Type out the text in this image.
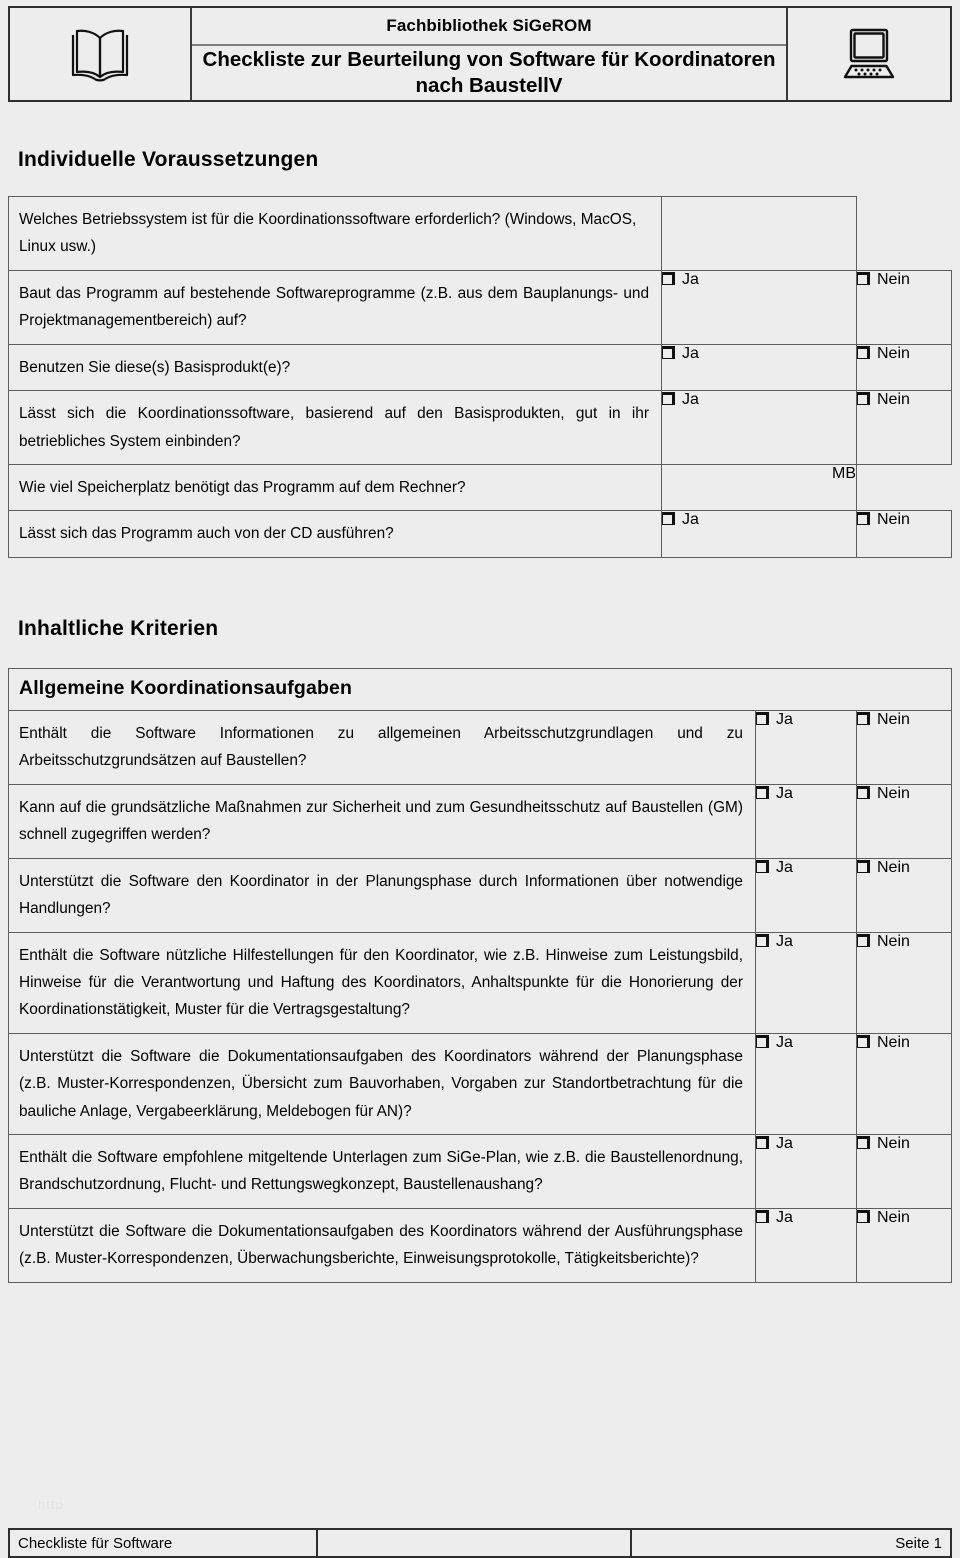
Fachbibliothek SiGeROM
Checkliste zur Beurteilung von Software für Koordinatoren nach BaustellV
Individuelle Voraussetzungen
Welches Betriebssystem ist für die Koordinationssoftware erforderlich? (Windows, MacOS, Linux usw.)		
Baut das Programm auf bestehende Softwareprogramme (z.B. aus dem Bauplanungs- und Projektmanagementbereich) auf?	Ja	Nein
Benutzen Sie diese(s) Basisprodukt(e)?	Ja	Nein
Lässt sich die Koordinationssoftware, basierend auf den Basisprodukten, gut in ihr betriebliches System einbinden?	Ja	Nein
Wie viel Speicherplatz benötigt das Programm auf dem Rechner?	MB	
Lässt sich das Programm auch von der CD ausführen?	Ja	Nein
Inhaltliche Kriterien
Allgemeine Koordinationsaufgaben		
Enthält die Software Informationen zu allgemeinen Arbeitsschutzgrundlagen und zu Arbeitsschutzgrundsätzen auf Baustellen?	Ja	Nein
Kann auf die grundsätzliche Maßnahmen zur Sicherheit und zum Gesundheitsschutz auf Baustellen (GM) schnell zugegriffen werden?	Ja	Nein
Unterstützt die Software den Koordinator in der Planungsphase durch Informationen über notwendige Handlungen?	Ja	Nein
Enthält die Software nützliche Hilfestellungen für den Koordinator, wie z.B. Hinweise zum Leistungsbild, Hinweise für die Verantwortung und Haftung des Koordinators, Anhaltspunkte für die Honorierung der Koordinationstätigkeit, Muster für die Vertragsgestaltung?	Ja	Nein
Unterstützt die Software die Dokumentationsaufgaben des Koordinators während der Planungsphase (z.B. Muster-Korrespondenzen, Übersicht zum Bauvorhaben, Vorgaben zur Standortbetrachtung für die bauliche Anlage, Vergabeerklärung, Meldebogen für AN)?	Ja	Nein
Enthält die Software empfohlene mitgeltende Unterlagen zum SiGe-Plan, wie z.B. die Baustellenordnung, Brandschutzordnung, Flucht- und Rettungswegkonzept, Baustellenaushang?	Ja	Nein
Unterstützt die Software die Dokumentationsaufgaben des Koordinators während der Ausführungsphase (z.B. Muster-Korrespondenzen, Überwachungsberichte, Einweisungsprotokolle, Tätigkeitsberichte)?	Ja	Nein
http
Checkliste für Software		Seite 1
